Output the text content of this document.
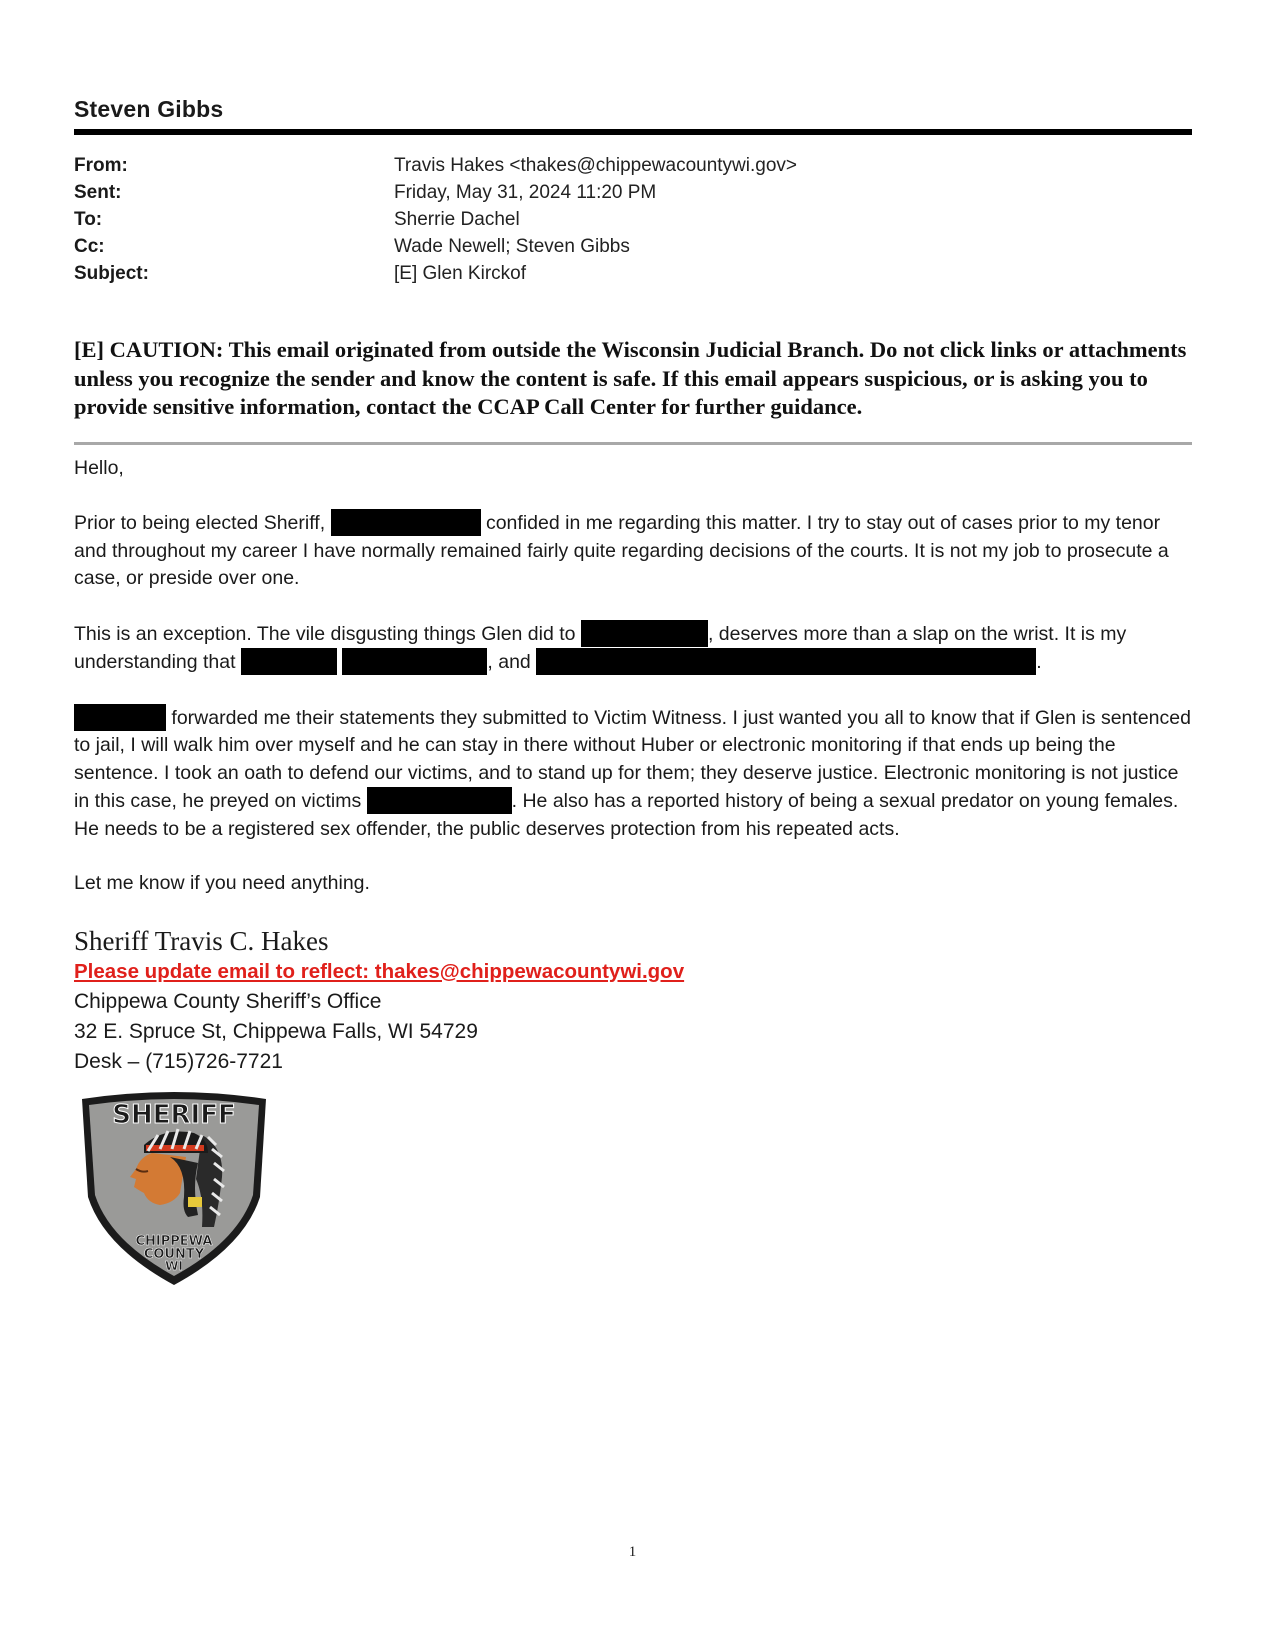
Steven Gibbs
From:	Travis Hakes <thakes@chippewacountywi.gov>
Sent:	Friday, May 31, 2024 11:20 PM
To:	Sherrie Dachel
Cc:	Wade Newell; Steven Gibbs
Subject:	[E] Glen Kirckof
[E] CAUTION: This email originated from outside the Wisconsin Judicial Branch. Do not click links or attachments unless you recognize the sender and know the content is safe. If this email appears suspicious, or is asking you to provide sensitive information, contact the CCAP Call Center for further guidance.

Hello,

Prior to being elected Sheriff,	confided in me regarding this matter. I try to stay out of cases prior to my tenor and throughout my career I have normally remained fairly quite regarding decisions of the courts. It is not my job to prosecute a case, or preside over one.

This is an exception. The vile disgusting things Glen did to	, deserves more than a slap on the wrist. It is my understanding that	, and	.

forwarded me their statements they submitted to Victim Witness. I just wanted you all to know that if Glen is sentenced to jail, I will walk him over myself and he can stay in there without Huber or electronic monitoring if that ends up being the sentence. I took an oath to defend our victims, and to stand up for them; they deserve justice. Electronic monitoring is not justice in this case, he preyed on victims	. He also has a reported history of being a sexual predator on young females. He needs to be a registered sex offender, the public deserves protection from his repeated acts.

Let me know if you need anything.

Sheriff Travis C. Hakes
Please update email to reflect: thakes@chippewacountywi.gov
Chippewa County Sheriff’s Office
32 E. Spruce St, Chippewa Falls, WI 54729
Desk – (715)726-7721
SHERIFF
CHIPPEWA
COUNTY
WI
1
